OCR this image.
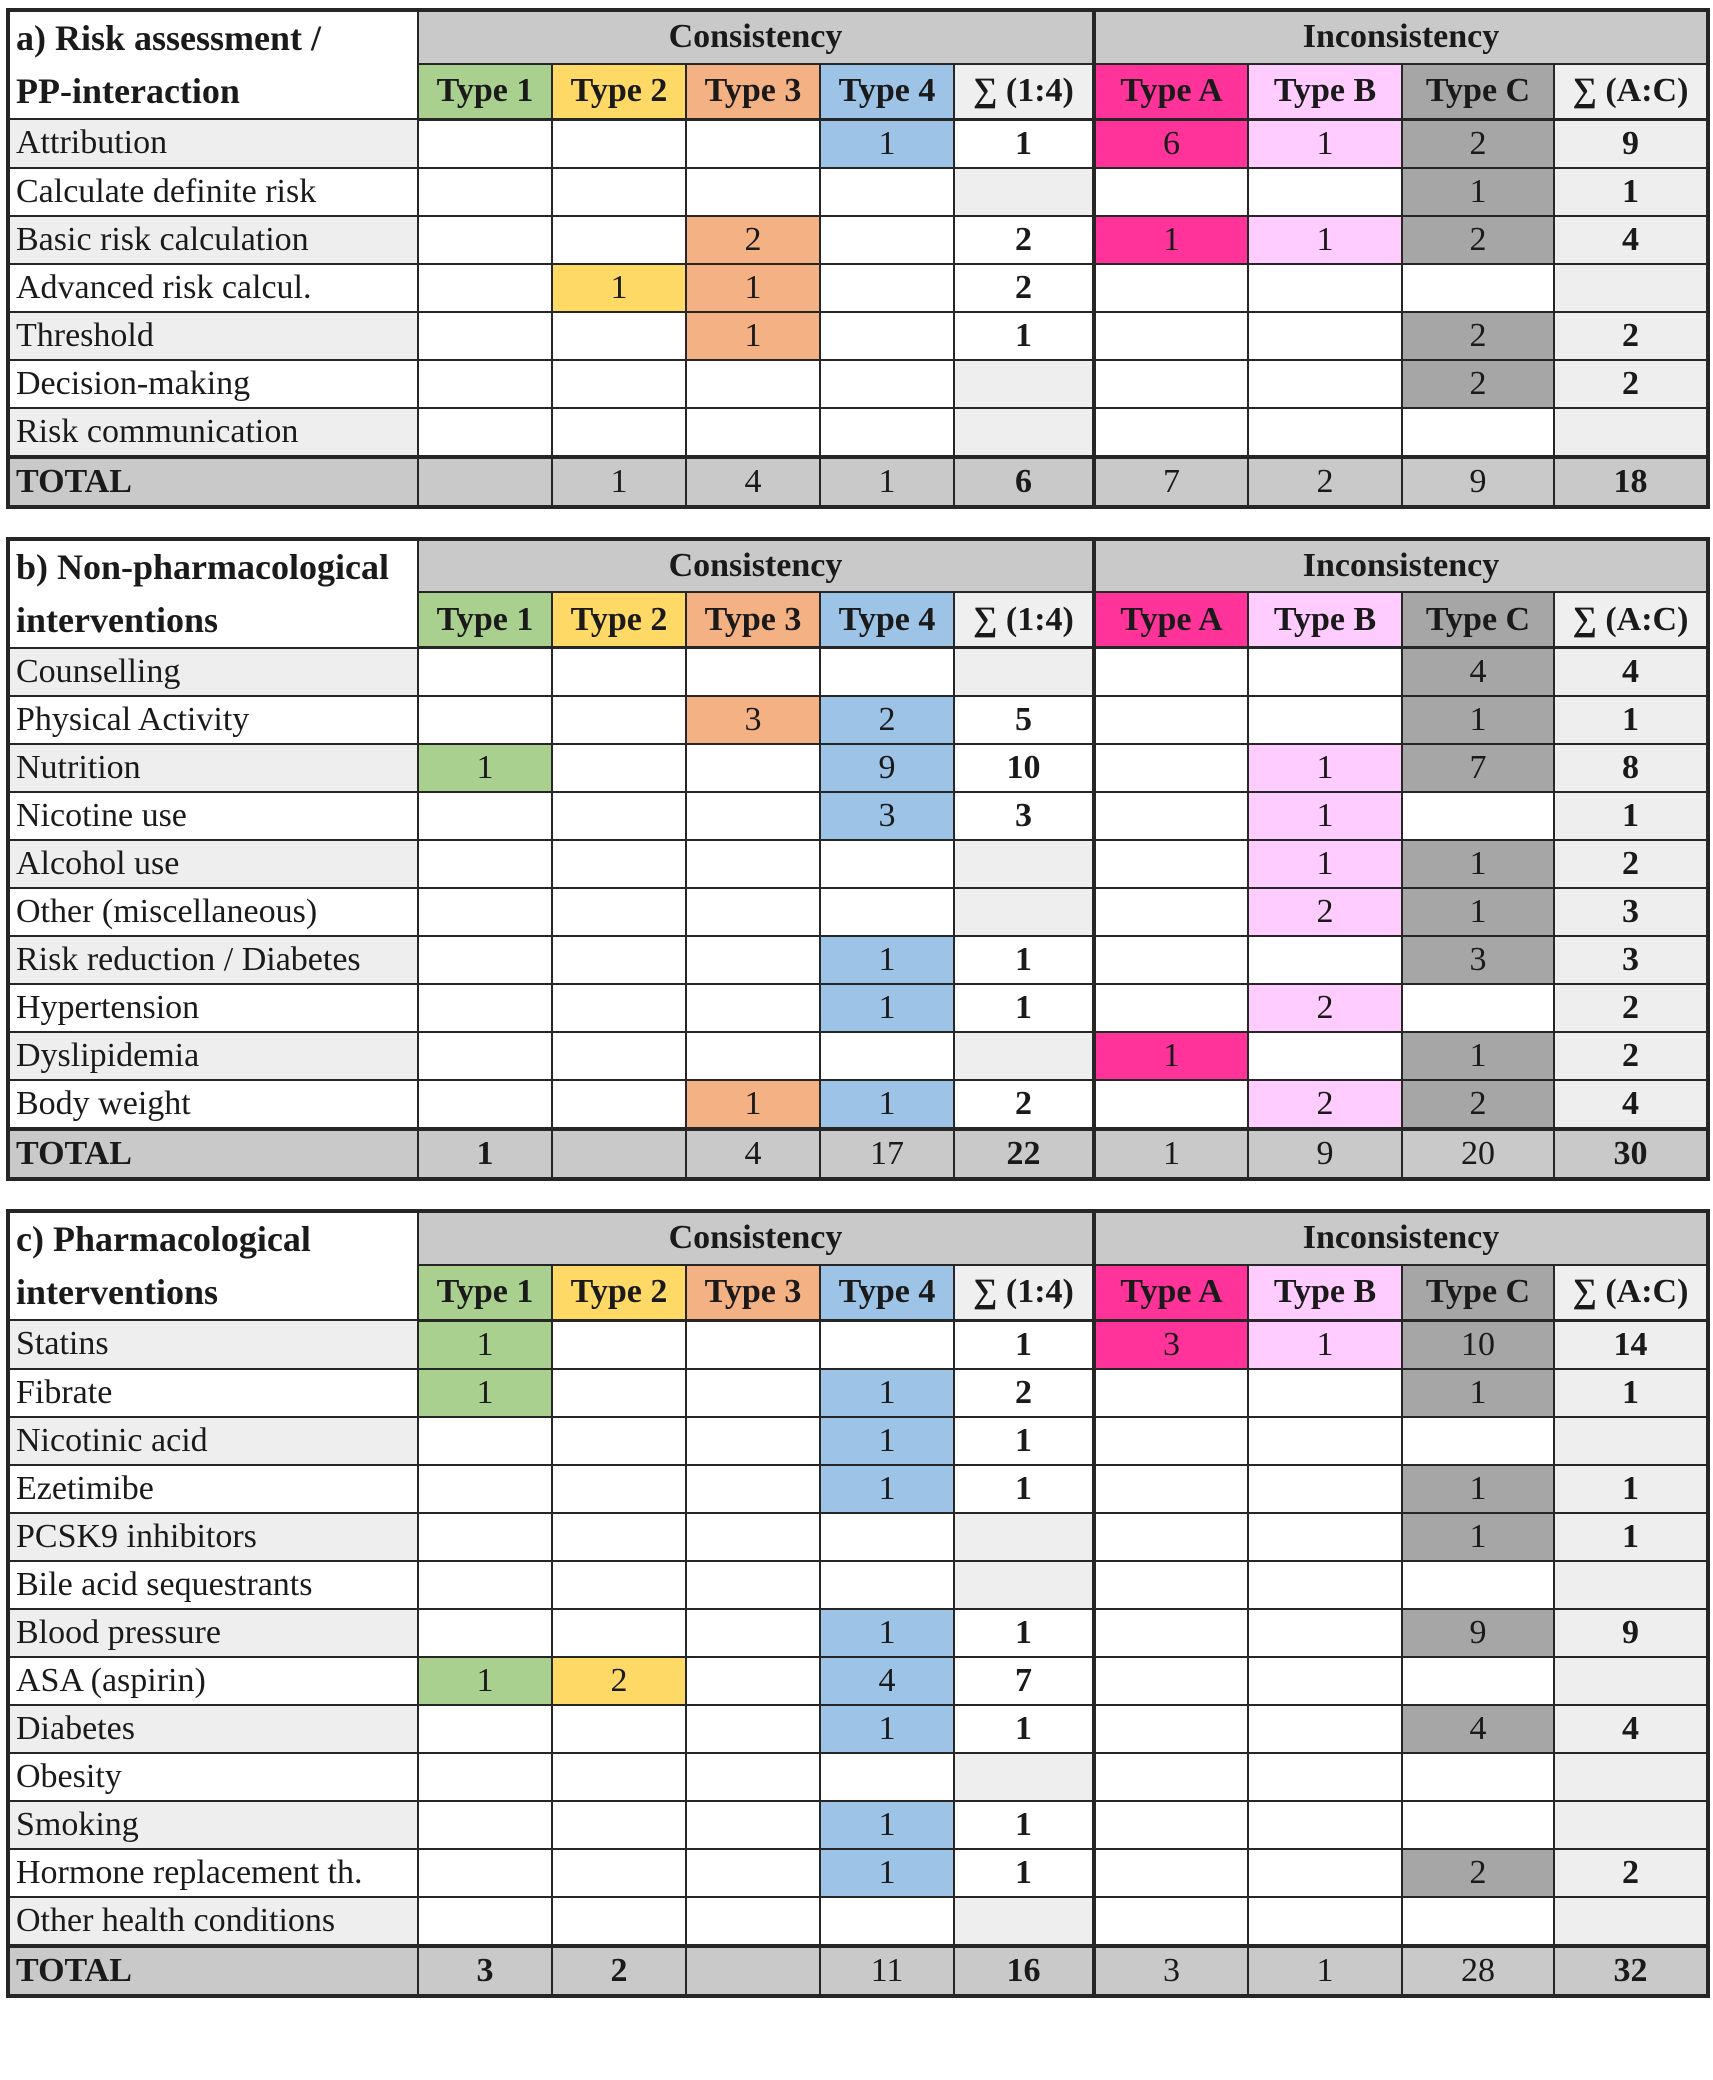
a) Risk assessment /
PP-interaction	Consistency					Inconsistency			
	Type 1	Type 2	Type 3	Type 4	∑ (1:4)	Type A	Type B	Type C	∑ (A:C)
Attribution				1	1	6	1	2	9
Calculate definite risk								1	1
Basic risk calculation			2		2	1	1	2	4
Advanced risk calcul.		1	1		2				
Threshold			1		1			2	2
Decision-making								2	2
Risk communication									
TOTAL		1	4	1	6	7	2	9	18
b) Non-pharmacological
interventions	Consistency					Inconsistency			
	Type 1	Type 2	Type 3	Type 4	∑ (1:4)	Type A	Type B	Type C	∑ (A:C)
Counselling								4	4
Physical Activity			3	2	5			1	1
Nutrition	1			9	10		1	7	8
Nicotine use				3	3		1		1
Alcohol use							1	1	2
Other (miscellaneous)							2	1	3
Risk reduction / Diabetes				1	1			3	3
Hypertension				1	1		2		2
Dyslipidemia						1		1	2
Body weight			1	1	2		2	2	4
TOTAL	1		4	17	22	1	9	20	30
c) Pharmacological
interventions	Consistency					Inconsistency			
	Type 1	Type 2	Type 3	Type 4	∑ (1:4)	Type A	Type B	Type C	∑ (A:C)
Statins	1				1	3	1	10	14
Fibrate	1			1	2			1	1
Nicotinic acid				1	1				
Ezetimibe				1	1			1	1
PCSK9 inhibitors								1	1
Bile acid sequestrants									
Blood pressure				1	1			9	9
ASA (aspirin)	1	2		4	7				
Diabetes				1	1			4	4
Obesity									
Smoking				1	1				
Hormone replacement th.				1	1			2	2
Other health conditions									
TOTAL	3	2		11	16	3	1	28	32
